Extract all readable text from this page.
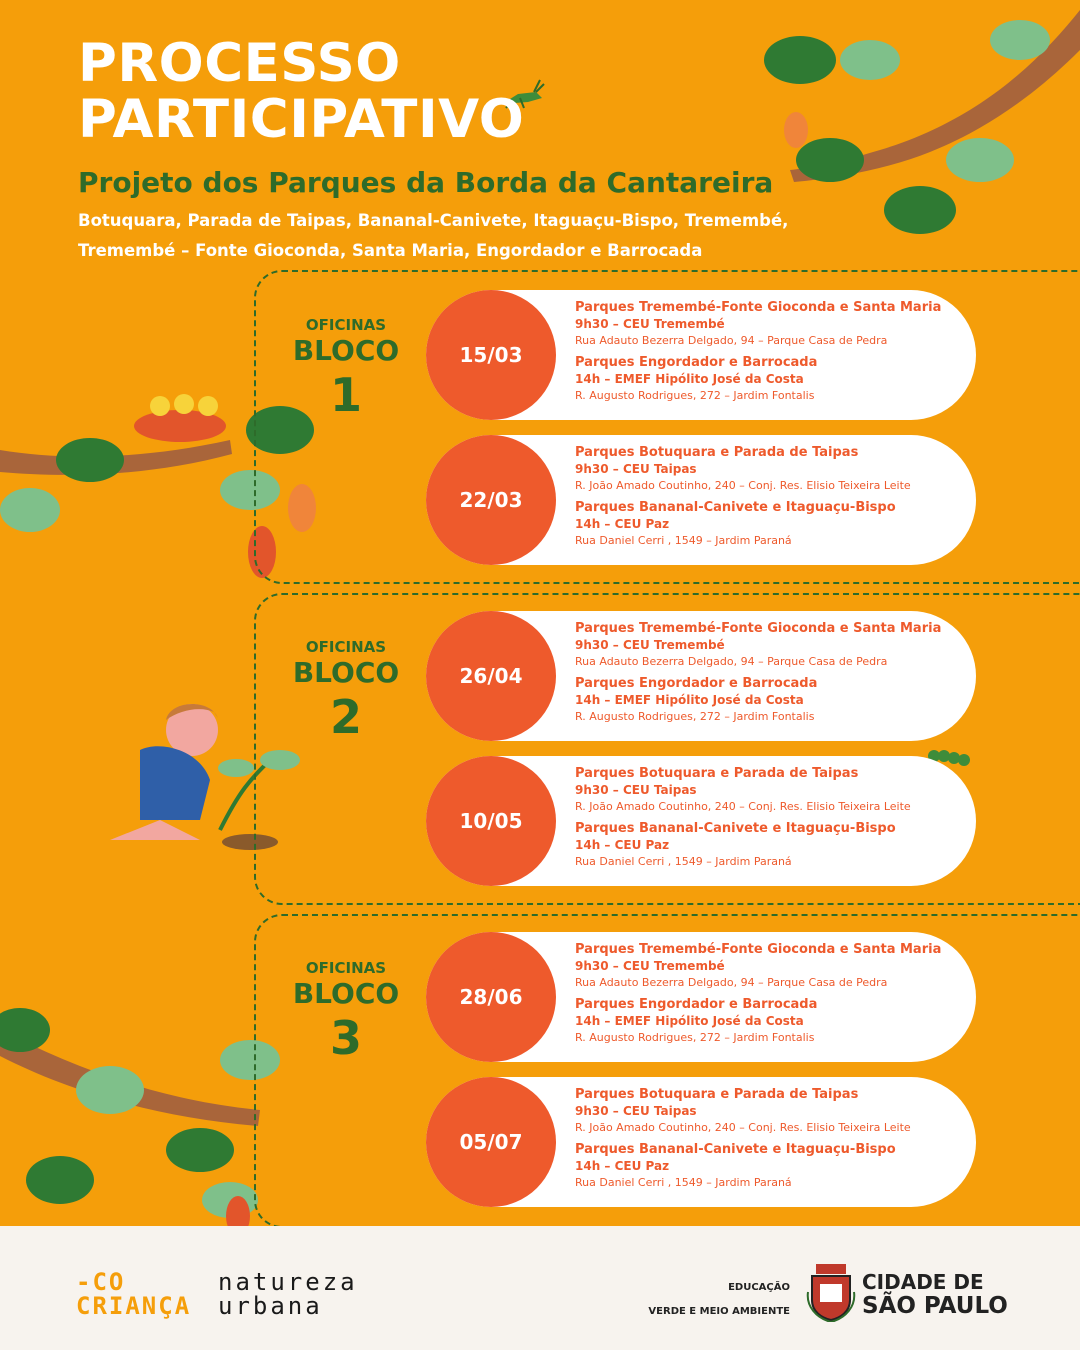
PROCESSO
PARTICIPATIVO
Projeto dos Parques da Borda da Cantareira
Botuquara, Parada de Taipas, Bananal-Canivete, Itaguaçu-Bispo, Tremembé,
Tremembé – Fonte Gioconda, Santa Maria, Engordador e Barrocada
OFICINAS
BLOCO
1
OFICINAS
BLOCO
2
OFICINAS
BLOCO
3
15/03
Parques Tremembé-Fonte Gioconda e Santa Maria
9h30 – CEU Tremembé
Rua Adauto Bezerra Delgado, 94 – Parque Casa de Pedra
Parques Engordador e Barrocada
14h – EMEF Hipólito José da Costa
R. Augusto Rodrigues, 272 – Jardim Fontalis
22/03
Parques Botuquara e Parada de Taipas
9h30 – CEU Taipas
R. João Amado Coutinho, 240 – Conj. Res. Elisio Teixeira Leite
Parques Bananal-Canivete e Itaguaçu-Bispo
14h – CEU Paz
Rua Daniel Cerri , 1549 – Jardim Paraná
26/04
Parques Tremembé-Fonte Gioconda e Santa Maria
9h30 – CEU Tremembé
Rua Adauto Bezerra Delgado, 94 – Parque Casa de Pedra
Parques Engordador e Barrocada
14h – EMEF Hipólito José da Costa
R. Augusto Rodrigues, 272 – Jardim Fontalis
10/05
Parques Botuquara e Parada de Taipas
9h30 – CEU Taipas
R. João Amado Coutinho, 240 – Conj. Res. Elisio Teixeira Leite
Parques Bananal-Canivete e Itaguaçu-Bispo
14h – CEU Paz
Rua Daniel Cerri , 1549 – Jardim Paraná
28/06
Parques Tremembé-Fonte Gioconda e Santa Maria
9h30 – CEU Tremembé
Rua Adauto Bezerra Delgado, 94 – Parque Casa de Pedra
Parques Engordador e Barrocada
14h – EMEF Hipólito José da Costa
R. Augusto Rodrigues, 272 – Jardim Fontalis
05/07
Parques Botuquara e Parada de Taipas
9h30 – CEU Taipas
R. João Amado Coutinho, 240 – Conj. Res. Elisio Teixeira Leite
Parques Bananal-Canivete e Itaguaçu-Bispo
14h – CEU Paz
Rua Daniel Cerri , 1549 – Jardim Paraná
-CO
CRIANÇA
natureza
urbana
EDUCAÇÃO
VERDE E MEIO AMBIENTE
CIDADE DE
SÃO PAULO
